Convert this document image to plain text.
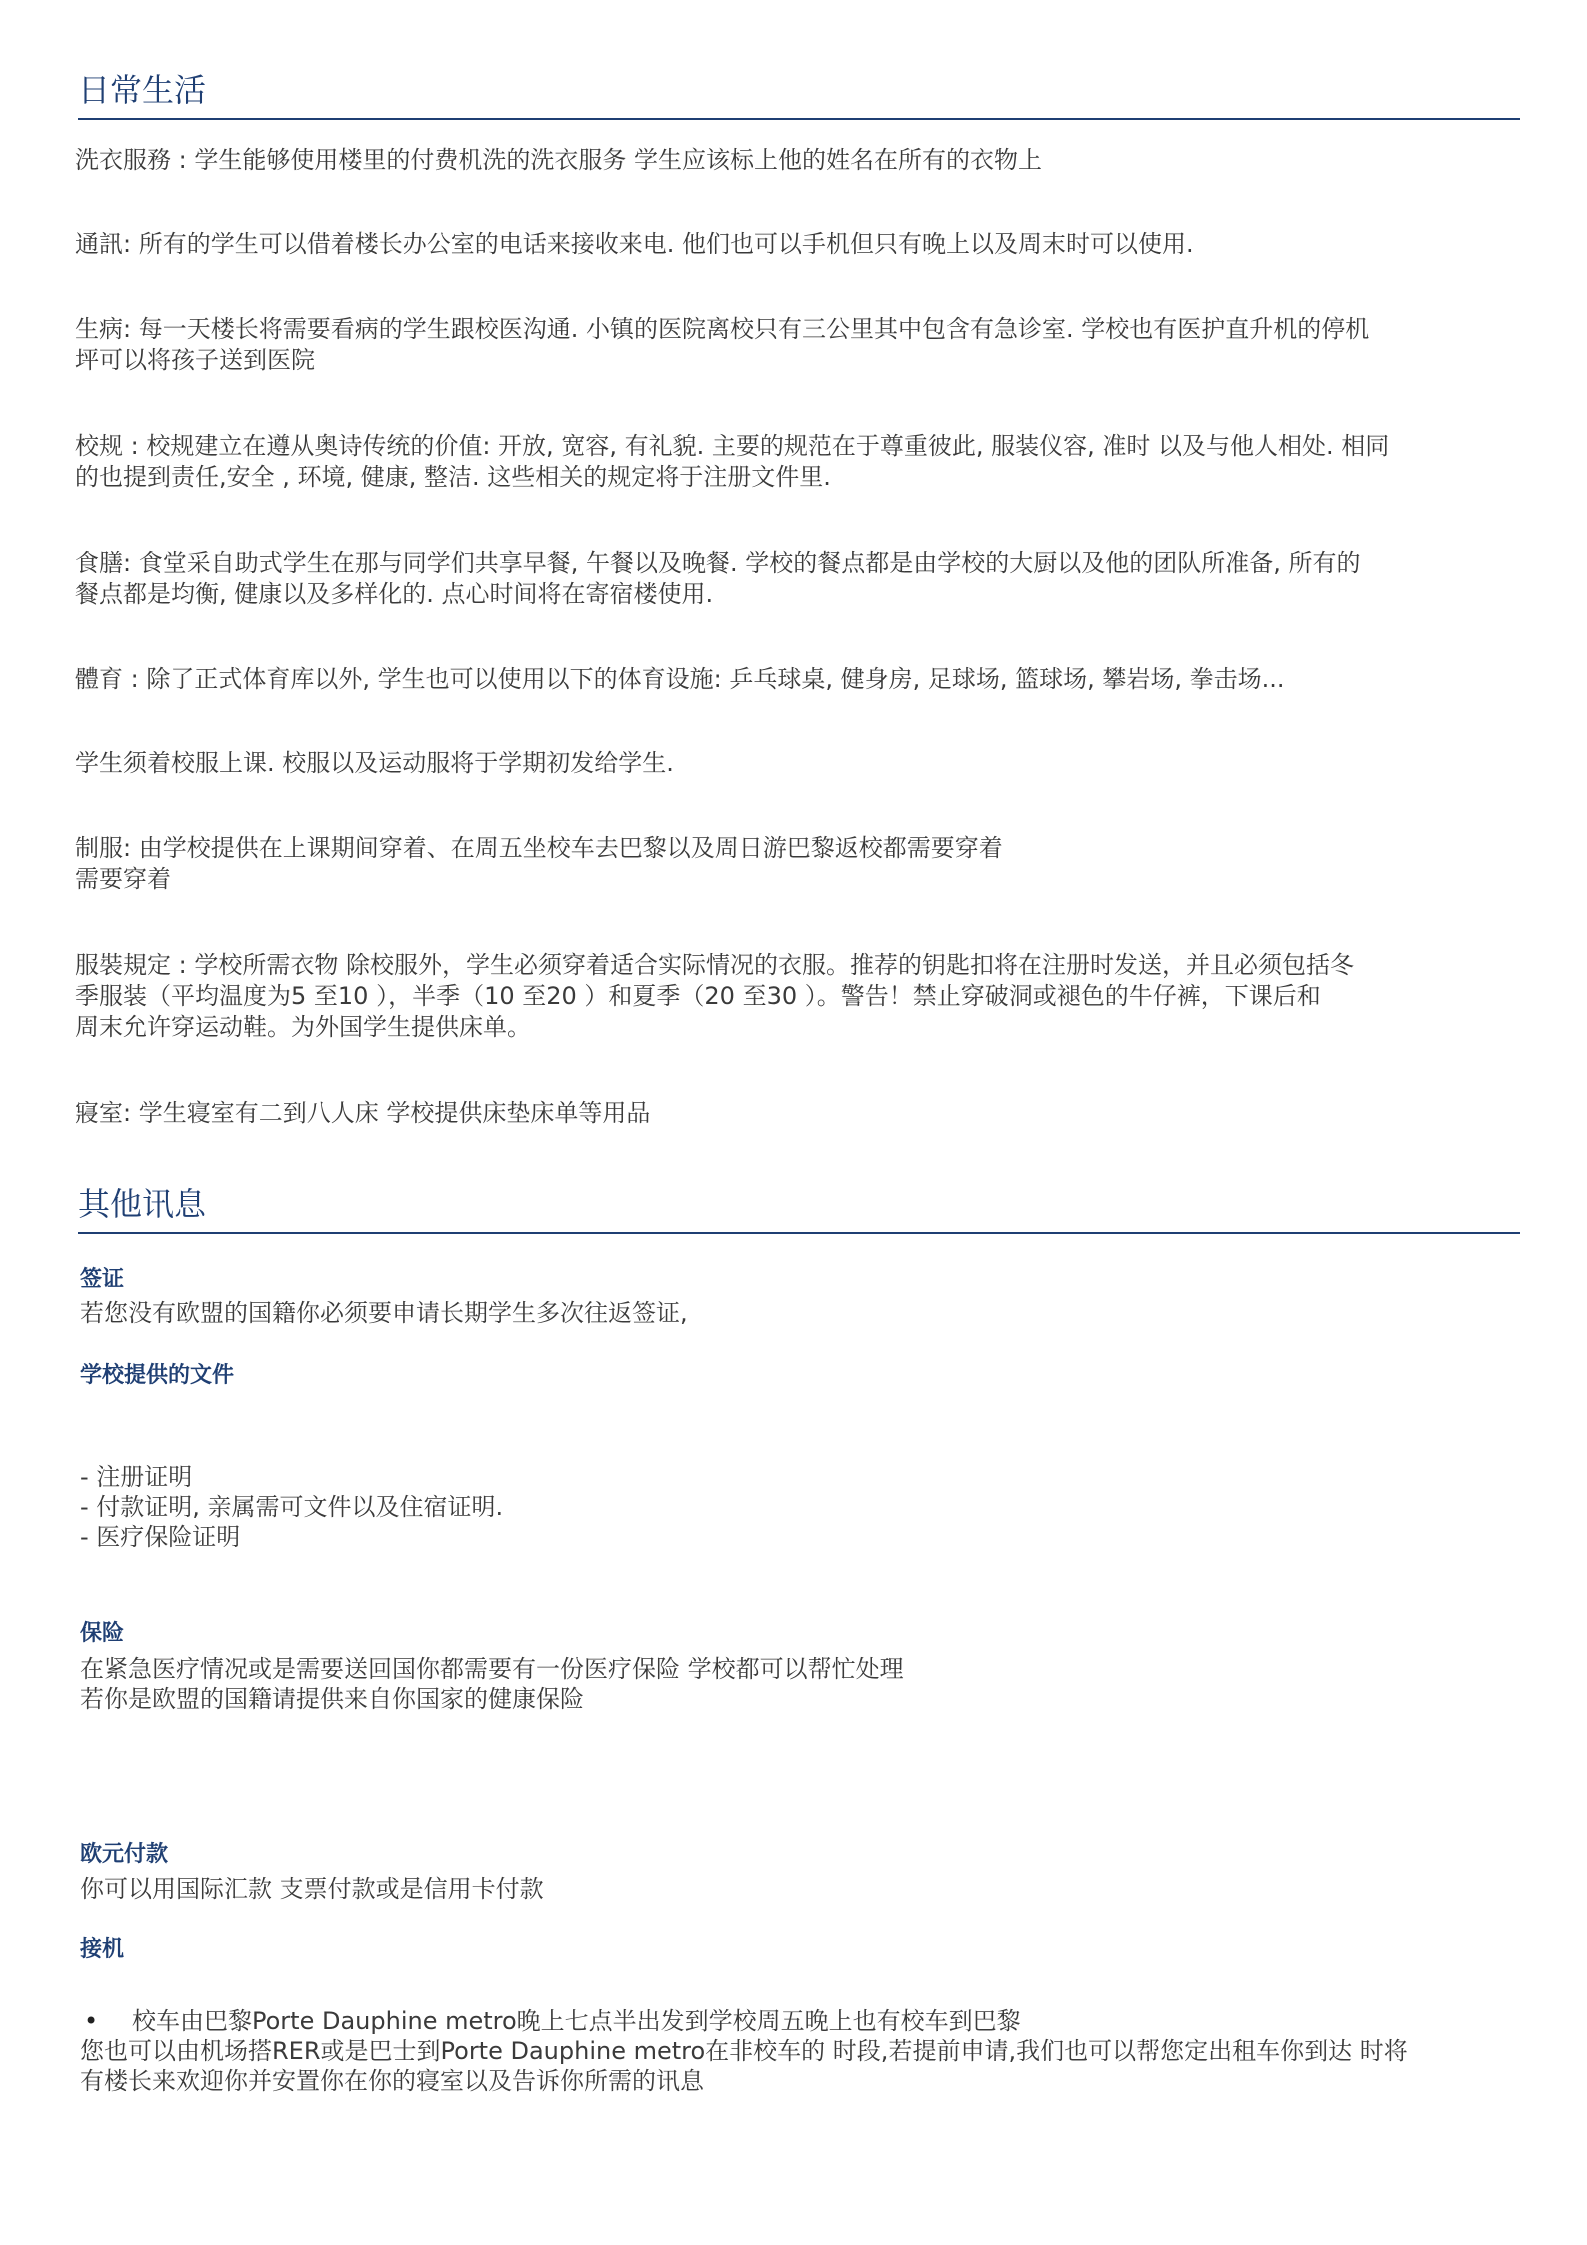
日常生活
洗衣服務 : 学生能够使用楼里的付费机洗的洗衣服务 学生应该标上他的姓名在所有的衣物上
通訊: 所有的学生可以借着楼长办公室的电话来接收来电. 他们也可以手机但只有晚上以及周末时可以使用.
生病: 每一天楼长将需要看病的学生跟校医沟通. 小镇的医院离校只有三公里其中包含有急诊室. 学校也有医护直升机的停机
坪可以将孩子送到医院
校规 : 校规建立在遵从奥诗传统的价值: 开放, 宽容, 有礼貌. 主要的规范在于尊重彼此, 服装仪容, 准时 以及与他人相处. 相同
的也提到责任,安全 , 环境, 健康, 整洁. 这些相关的规定将于注册文件里.
食膳: 食堂采自助式学生在那与同学们共享早餐, 午餐以及晚餐. 学校的餐点都是由学校的大厨以及他的团队所准备, 所有的
餐点都是均衡, 健康以及多样化的. 点心时间将在寄宿楼使用.
體育 : 除了正式体育库以外, 学生也可以使用以下的体育设施: 乒乓球桌, 健身房, 足球场, 篮球场, 攀岩场, 拳击场...
学生须着校服上课. 校服以及运动服将于学期初发给学生.
制服: 由学校提供在上课期间穿着、在周五坐校车去巴黎以及周日游巴黎返校都需要穿着
需要穿着
服裝規定 : 学校所需衣物 除校服外，学生必须穿着适合实际情况的衣服。推荐的钥匙扣将在注册时发送，并且必须包括冬
季服装（平均温度为5 至10 ），半季（10 至20 ）和夏季（20 至30 ）。警告！禁止穿破洞或褪色的牛仔裤，下课后和
周末允许穿运动鞋。为外国学生提供床单。
寢室: 学生寝室有二到八人床 学校提供床垫床单等用品
其他讯息
签证
若您没有欧盟的国籍你必须要申请长期学生多次往返签证,
学校提供的文件
- 注册证明
- 付款证明, 亲属需可文件以及住宿证明.
- 医疗保险证明
保险
在紧急医疗情况或是需要送回国你都需要有一份医疗保险 学校都可以帮忙处理
若你是欧盟的国籍请提供来自你国家的健康保险
欧元付款
你可以用国际汇款 支票付款或是信用卡付款
接机
•	校车由巴黎Porte Dauphine metro晚上七点半出发到学校周五晚上也有校车到巴黎
您也可以由机场搭RER或是巴士到Porte Dauphine metro在非校车的 时段,若提前申请,我们也可以帮您定出租车你到达 时将
有楼长来欢迎你并安置你在你的寝室以及告诉你所需的讯息
